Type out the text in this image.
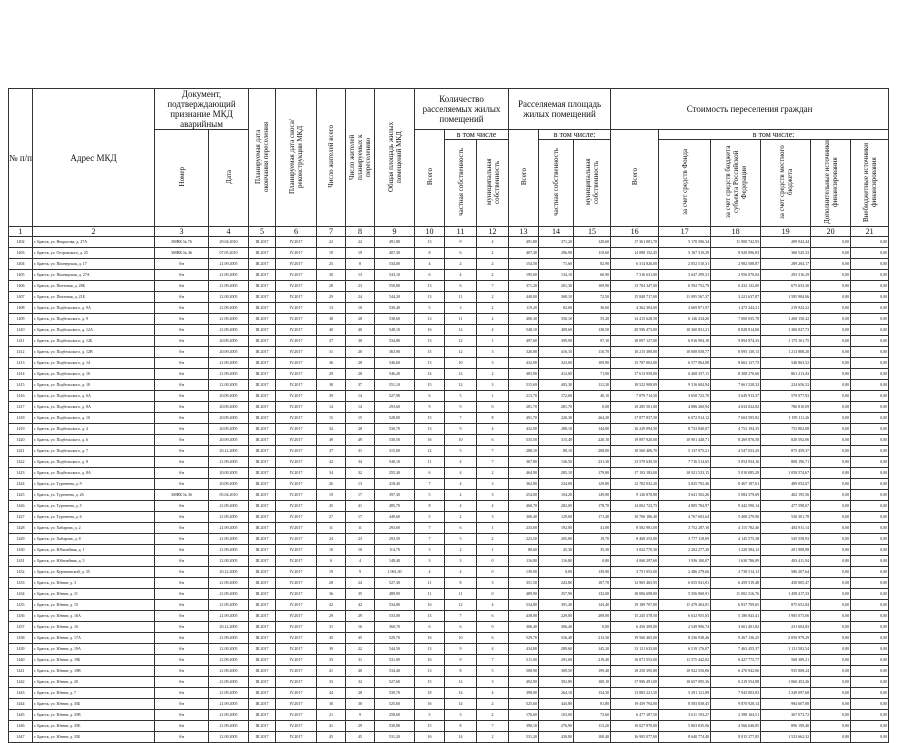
№ п/п	Адрес МКД	Документ, подтверждающий признание МКД аварийным		Планируемая дата окончания переселения	Планируемая дата сноса/реконструкции МКД	Число жителей всего	Число жителей планируемых к переселению	Общая площадь жилых помещений МКД	Количество расселяемых жилых помещений			Расселяемая площадь жилых помещений			Стоимость переселения граждан					
		Номер	Дата						Всего	в том числе		Всего	в том числе:		Всего	в том числе:				
										частная собственность	муниципальная собственность		частная собственность	муниципальная собственность		за счет средств Фонда	за счет средств бюджета субъекта Российской Федерации	за счет средств местного бюджета	Дополнительные источники финансирования	Внебюджетные источники финансирования
1	2	3	4	5	6	7	8	9	10	11	12	13	14	15	16	17	18	19	20	21
1402	г. Братск, ул. Некрасова, д. 27А	ЗМВК № 76	29.04.2010	III.2017	IV.2017	22	22	491,80	13	9	4	491,80	371,20	120,60	17 361 081,70	5 170 396,34	11 900 742,93	289 942,44	0,00	0,00
1403	г. Братск, ул. Островского, д. 25	ЗМВК № 46	07.05.2010	III.2017	IV.2017	19	19	407,30	8	6	2	407,30	296,90	110,60	14 088 152,45	5 167 310,29	8 920 096,83	360 545,33	0,00	0,00
1404	г. Братск, ул. Пионерская, д. 17	б/н	21.09.2005	III.2017	IV.2017	25	8	534,00	4	2	2	154,50	71,60	82,90	6 314 826,00	2 052 510,31	2 982 508,87	289 204,17	0,00	0,00
1405	г. Братск, ул. Пионерская, д. 27А	б/н	21.09.2005	III.2017	IV.2017	30	13	543,10	6	4	2	195,00	134,10	60,90	7 316 631,00	3 647 299,31	2 956 070,04	293 316,29	0,00	0,00
1406	г. Братск, ул. Пихтовая, д. 28Б	б/н	21.09.2005	III.2017	IV.2017	28	23	550,80	13	6	7	371,20	201,30	169,90	13 704 347,00	6 592 752,79	6 432 132,00	675 633,30	0,00	0,00
1407	г. Братск, ул. Пихтовая, д. 21Б	б/н	21.09.2005	III.2017	IV.2017	29	24	544,20	13	11	2	440,00	368,10	72,50	15 840 717,00	11 095 567,37	3 221 637,87	1 585 984,86	0,00	0,00
1408	г. Братск, ул. Подбельского, д. 9А	б/н	21.09.2005	III.2017	IV.2017	13	10	530,40	5	3	2	119,20	82,60	36,60	4 362 304,00	2 669 871,97	1 473 244,21	219 924,22	0,00	0,00
1409	г. Братск, ул. Подбельского, д. 9	б/н	21.09.2005	III.2017	IV.2017	38	28	538,60	13	11	2	406,30	350,10	55,20	14 415 628,50	6 146 234,20	7 000 035,78	1 268 158,42	0,00	0,00
1410	г. Братск, ул. Подбельского, д. 12А	б/н	21.09.2005	III.2017	IV.2017	40	40	548,10	16	12	4	548,10	409,60	138,50	20 596 473,00	10 360 831,21	8 828 814,06	1 306 827,73	0,00	0,00
1411	г. Братск, ул. Подбельского, д. 12Б	б/н	20.09.2005	III.2017	IV.2017	37	30	534,80	13	12	1	497,00	399,90	97,10	18 097 127,00	6 916 994,10	9 894 974,33	1 175 161,75	0,00	0,00
1412	г. Братск, ул. Подбельского, д. 12В	б/н	20.09.2005	III.2017	IV.2017	31	20	363,90	15	12	3	326,80	416,10	110,70	10 215 380,00	10 008 058,77	8 095 138,13	1 213 888,20	0,00	0,00
1413	г. Братск, ул. Подбельского, д. 14	б/н	21.09.2005	III.2017	IV.2017	36	28	546,60	13	10	3	432,90	323,00	109,90	15 787 063,00	6 577 064,08	8 663 127,75	546 863,52	0,00	0,00
1414	г. Братск, ул. Подбельского, д. 16	б/н	21.09.2005	III.2017	IV.2017	29	28	546,20	14	12	2	483,90	412,00	71,90	17 613 958,00	6 468 357,11	8 308 276,60	861 213,43	0,00	0,00
1415	г. Братск, ул. Подбельского, д. 18	б/н	21.09.2005	III.2017	IV.2017	38	37	551,10	15	12	3	515,69	403,30	112,30	18 522 908,09	9 316 684,94	7 661 528,32	224 656,52	0,00	0,00
1416	г. Братск, ул. Подбельского, д. 6А	б/н	20.09.2005	III.2017	IV.2017	39	14	527,90	6	5	1	213,70	172,60	40,10	7 879 714,50	3 650 723,70	3 649 913,37	579 077,93	0,00	0,00
1417	г. Братск, ул. Подбельского, д. 8А	б/н	20.09.2005	III.2017	IV.2017	14	14	293,60	9	9	0	281,70	281,70	0,00	10 285 501,00	4 886 260,94	4 634 024,82	786 810,09	0,00	0,00
1418	г. Братск, ул. Подбельского, д. 10	б/н	20.09.2005	III.2017	IV.2017	15	15	528,00	15	7	8	491,70	226,30	264,20	17 877 837,50	6 072 914,12	7 604 595,82	1 199 111,26	0,00	0,00
1419	г. Братск, ул. Подбельского, д. 4	б/н	20.09.2005	III.2017	IV.2017	34	28	530,70	13	9	4	432,90	288,10	144,80	16 229 094,50	8 733 840,07	4 752 194,35	753 802,08	0,00	0,00
1420	г. Братск, ул. Подбельского, д. 6	б/н	20.09.2005	III.2017	IV.2017	49	49	530,50	16	10	6	535,50	315,40	220,10	19 097 920,00	10 901 448,71	8 269 876,58	820 592,06	0,00	0,00
1421	г. Братск, ул. Подбельского, д. 7	б/н	20.12.2005	III.2017	IV.2017	37	31	315,00	12	5	7	288,10	80,10	208,00	10 560 406,70	5 137 975,21	4 547 033,25	875 459,37	0,00	0,00
1422	г. Братск, ул. Подбельского, д. 8	б/н	21.09.2005	III.2017	IV.2017	42	34	540,10	11	4	7	367,80	136,50	231,30	13 579 639,50	7 716 514,65	5 054 934,16	808 190,71	0,00	0,00
1423	г. Братск, ул. Подбельского, д. 8А	б/н	20.09.2005	III.2017	IV.2017	34	32	255,30	6	4	2	464,90	285,10	179,80	17 192 183,00	10 921 523,15	5 010 085,29	1 050 574,67	0,00	0,00
1424	г. Братск, ул. Тургенева, д. 9	б/н	20.09.2005	III.2017	IV.2017	26	13	418,40	7	4	3	362,80	234,00	129,80	12 782 032,20	3 825 792,46	8 467 187,61	489 052,07	0,00	0,00
1425	г. Братск, ул. Тургенева, д. 26	ЗМВК № 36	05.04.2010	III.2017	IV.2017	19	17	397,30	5	2	3	254,00	104,20	149,80	9 126 870,80	3 641 502,26	5 084 379,69	402 195,56	0,00	0,00
1426	г. Братск, ул. Тургенева, д. 5	б/н	21.09.2005	III.2017	IV.2017	45	41	485,70	8	4	4	460,70	282,00	178,70	14 002 723,75	4 885 784,97	9 442 590,14	477 598,67	0,00	0,00
1427	г. Братск, ул. Тургенева, д. 6	б/н	21.09.2005	III.2017	IV.2017	27	17	449,60	5	2	3	300,40	129,00	171,40	10 706 186,40	4 767 603,64	5 408 279,90	530 301,78	0,00	0,00
1428	г. Братск, ул. Хабарова, д. 2	б/н	21.09.2005	III.2017	IV.2017	11	11	293,60	7	6	1	233,00	192,00	41,00	8 582 981,00	3 752 287,10	4 115 782,46	484 911,14	0,00	0,00
1429	г. Братск, ул. Хабарова, д. 8	б/н	21.09.2005	III.2017	IV.2017	24	23	293,50	7	5	2	223,50	205,80	19,70	8 468 253,00	3 777 118,69	4 145 575,38	545 558,93	0,00	0,00
1430	г. Братск, ул. Юбилейная, д. 1	б/н	21.09.2005	III.2017	IV.2017	10	10	114,70	3	2	1	80,60	45,30	35,30	3 022 770,30	2 202 277,20	1 220 584,12	201 908,98	0,00	0,00
1431	г. Братск, ул. Юбилейная, д. 5	б/н	21.09.2005	III.2017	IV.2017	6	4	148,40	3	3	0	116,80	116,80	0,00	4 060 297,60	1 936 100,07	1 630 786,09	493 411,94	0,00	0,00
1432	г. Братск, ул. Курчатовской, д. 35	б/н	20.12.2005	III.2017	IV.2017	19	9	1 061,30	4	4	0	139,90	0,00	139,90	3 751 053,00	2 486 279,66	2 738 514,13	586 207,64	0,00	0,00
1433	г. Братск, ул. Юннат, д. 3	б/н	21.09.2005	III.2017	IV.2017	28	24	527,30	11	8	3	351,50	243,80	107,70	12 965 465,95	6 055 941,01	6 459 519,48	450 005,47	0,00	0,00
1434	г. Братск, ул. Юннат, д. 11	б/н	21.09.2005	III.2017	IV.2017	36	35	489,90	11	11	0	489,90	357,90	132,00	18 006 698,00	5 556 968,91	11 002 316,76	1 458 417,33	0,00	0,00
1435	г. Братск, ул. Юннат, д. 15	б/н	21.09.2005	III.2017	IV.2017	42	42	534,80	16	12	4	534,80	391,40	143,40	19 189 707,00	11 479 404,01	6 837 709,65	875 652,84	0,00	0,00
1436	г. Братск, ул. Юннат, д. 16А	б/н	21.09.2005	III.2017	IV.2017	29	29	533,00	13	7	6	438,00	229,00	209,00	15 245 378,50	6 632 955,03	5 186 843,41	1 905 073,06	0,00	0,00
1437	г. Братск, ул. Юннат, д. 16	б/н	20.12.2005	III.2017	IV.2017	31	16	360,70	6	6	0	306,40	306,40	0,00	6 456 309,00	2 549 906,74	3 661 401,82	231 604,83	0,00	0,00
1438	г. Братск, ул. Юннат, д. 17А	б/н	21.09.2005	III.2017	IV.2017	45	45	529,70	16	10	6	529,70	316,40	213,30	19 560 465,00	8 236 938,46	9 267 136,25	2 056 979,29	0,00	0,00
1439	г. Братск, ул. Юннат, д. 19А	б/н	21.09.2005	III.2017	IV.2017	39	22	544,50	13	9	4	434,80	289,60	145,20	13 121 633,00	6 519 176,07	7 463 455,37	1 131 582,54	0,00	0,00
1440	г. Братск, ул. Юннат, д. 19Б	б/н	21.09.2005	III.2017	IV.2017	33	31	531,00	16	9	7	511,00	291,60	219,40	16 071 553,00	11 575 442,02	6 427 775,77	568 389,21	0,00	0,00
1441	г. Братск, ул. Юннат, д. 19В	б/н	21.09.2005	III.2017	IV.2017	41	40	534,40	13	8	5	508,90	309,50	199,40	18 250 395,80	10 922 556,06	6 470 942,06	935 808,24	0,00	0,00
1442	г. Братск, ул. Юннат, д. 20	б/н	21.09.2005	III.2017	IV.2017	33	32	527,60	15	12	3	492,90	392,80	100,10	17 996 491,00	10 657 095,36	6 219 554,88	1 060 452,26	0,00	0,00
1443	г. Братск, ул. Юннат, д. 7	б/н	21.09.2005	III.2017	IV.2017	44	28	539,70	18	14	4	398,00	264,10	134,30	13 883 221,50	5 291 121,89	7 943 003,83	1 249 097,68	0,00	0,00
1444	г. Братск, ул. Юннат, д. 35Б	б/н	21.09.2005	III.2017	IV.2017	30	30	525,60	16	14	2	525,60	443,80	81,80	19 459 794,00	8 583 838,45	9 870 928,14	984 607,08	0,00	0,00
1445	г. Братск, ул. Юннат, д. 35В	б/н	21.09.2005	III.2017	IV.2017	21	9	258,60	5	3	2	176,60	103,00	73,60	6 477 187,50	3 611 193,27	2 398 164,51	367 073,72	0,00	0,00
1446	г. Братск, ул. Юннат, д. 35Е	б/н	21.09.2005	III.2017	IV.2017	41	29	530,80	15	8	7	390,10	276,90	113,20	10 027 870,00	5 863 035,06	4 566 646,85	896 199,40	0,00	0,00
1447	г. Братск, ул. Юннат, д. 35Б	б/н	21.09.2005	III.2017	IV.2017	45	45	531,20	16	14	2	531,20	430,80	100,40	16 905 077,00	8 640 774,40	8 015 277,85	1 523 662,32	0,00	0,00
